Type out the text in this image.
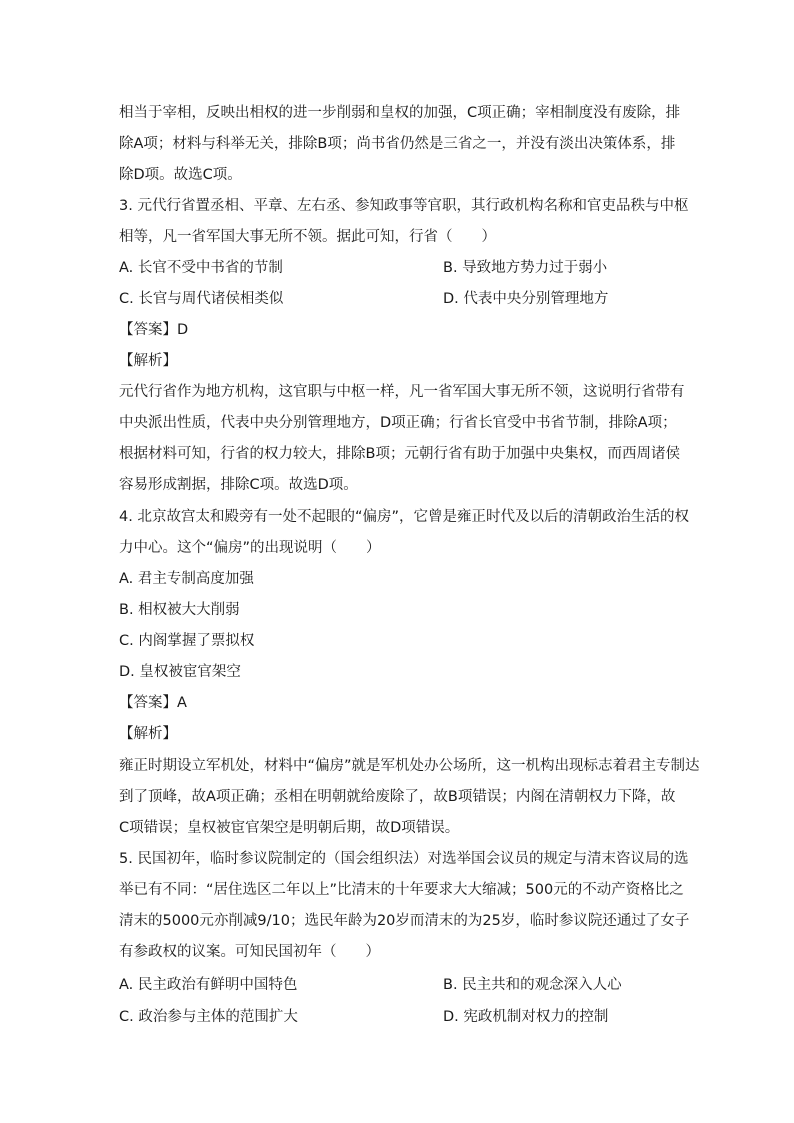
相当于宰相，反映出相权的进一步削弱和皇权的加强，C项正确；宰相制度没有废除，排
除A项；材料与科举无关，排除B项；尚书省仍然是三省之一，并没有淡出决策体系，排
除D项。故选C项。
3. 元代行省置丞相、平章、左右丞、参知政事等官职，其行政机构名称和官吏品秩与中枢
相等，凡一省军国大事无所不领。据此可知，行省（　　）
A. 长官不受中书省的节制	B. 导致地方势力过于弱小
C. 长官与周代诸侯相类似	D. 代表中央分别管理地方
【答案】D
【解析】
元代行省作为地方机构，这官职与中枢一样，凡一省军国大事无所不领，这说明行省带有
中央派出性质，代表中央分别管理地方，D项正确；行省长官受中书省节制，排除A项；
根据材料可知，行省的权力较大，排除B项；元朝行省有助于加强中央集权，而西周诸侯
容易形成割据，排除C项。故选D项。
4. 北京故宫太和殿旁有一处不起眼的“偏房”，它曾是雍正时代及以后的清朝政治生活的权
力中心。这个“偏房”的出现说明（　　）
A. 君主专制高度加强
B. 相权被大大削弱
C. 内阁掌握了票拟权
D. 皇权被宦官架空
【答案】A
【解析】
雍正时期设立军机处，材料中“偏房”就是军机处办公场所，这一机构出现标志着君主专制达
到了顶峰，故A项正确；丞相在明朝就给废除了，故B项错误；内阁在清朝权力下降，故
C项错误；皇权被宦官架空是明朝后期，故D项错误。
5. 民国初年，临时参议院制定的（国会组织法）对选举国会议员的规定与清末咨议局的选
举已有不同：“居住选区二年以上”比清末的十年要求大大缩减；500元的不动产资格比之
清末的5000元亦削减9/10；选民年龄为20岁而清末的为25岁，临时参议院还通过了女子
有参政权的议案。可知民国初年（　　）
A. 民主政治有鲜明中国特色	B. 民主共和的观念深入人心
C. 政治参与主体的范围扩大	D. 宪政机制对权力的控制
